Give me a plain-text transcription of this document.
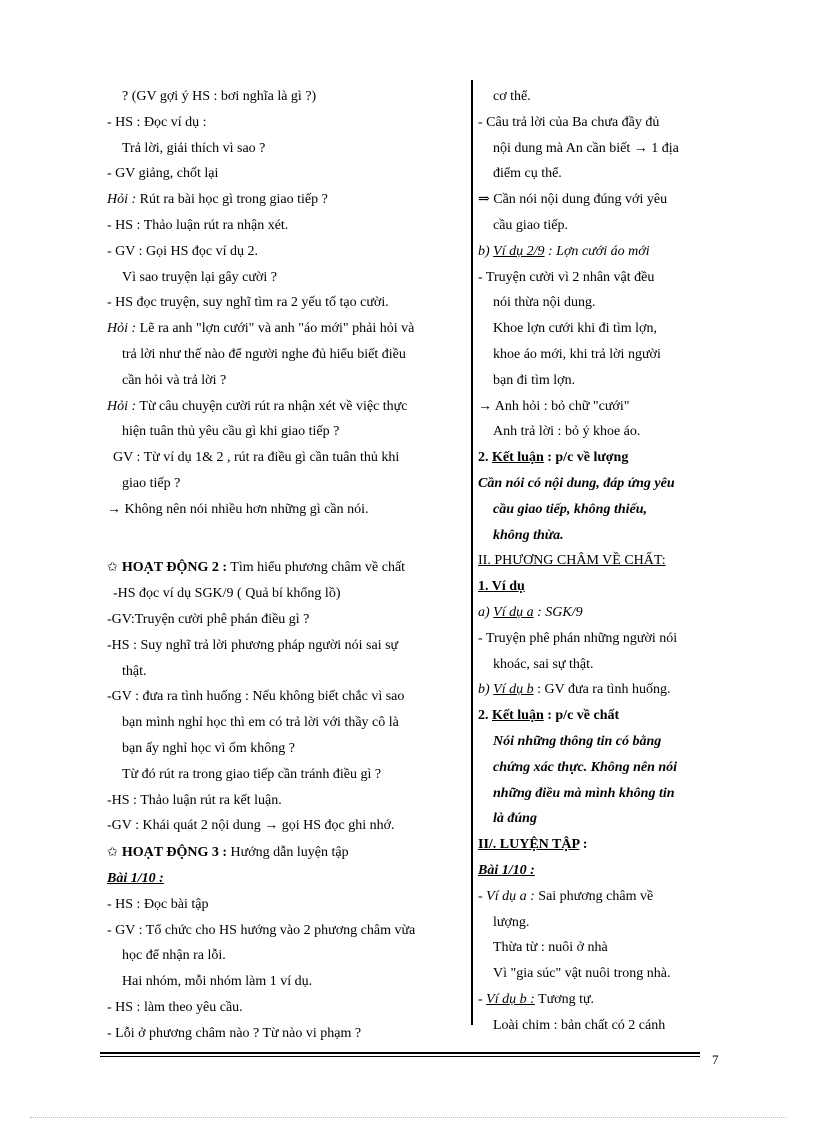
? (GV gợi ý HS : bơi nghĩa là gì ?)
- HS : Đọc ví dụ :
Trả lời, giải thích vì sao ?
- GV giảng, chốt lại
Hỏi : Rút ra bài học gì trong giao tiếp ?
- HS : Thảo luận rút ra nhận xét.
- GV : Gọi HS đọc ví dụ 2.
Vì sao truyện lại gây cười ?
- HS đọc truyện, suy nghĩ tìm ra 2 yếu tố tạo cười.
Hỏi : Lẽ ra anh "lợn cưới" và anh "áo mới" phải hỏi và
trả lời như thế nào để người nghe đủ hiểu biết điều
cần hỏi và trả lời ?
Hỏi : Từ câu chuyện cười rút ra nhận xét về việc thực
hiện tuân thủ yêu cầu gì khi giao tiếp ?
GV : Từ ví dụ 1& 2 , rút ra điều gì cần tuân thủ khi
giao tiếp ?
→ Không nên nói nhiều hơn những gì cần nói.
✩ HOẠT ĐỘNG 2 : Tìm hiểu phương châm về chất
-HS đọc ví dụ SGK/9 ( Quả bí khổng lồ)
-GV:Truyện cười phê phán điều gì ?
-HS : Suy nghĩ trả lời phương pháp người nói sai sự
thật.
-GV : đưa ra tình huống : Nếu không biết chắc vì sao
bạn mình nghỉ học thì em có trả lời với thầy cô là
bạn ấy nghỉ học vì ốm không ?
Từ đó rút ra trong giao tiếp cần tránh điều gì ?
-HS : Thảo luận rút ra kết luận.
-GV : Khái quát 2 nội dung → gọi HS đọc ghi nhớ.
✩ HOẠT ĐỘNG 3 : Hướng dẫn luyện tập
Bài 1/10 :
- HS : Đọc bài tập
- GV : Tổ chức cho HS hướng vào 2 phương châm vừa
học để nhận ra lỗi.
Hai nhóm, mỗi nhóm làm 1 ví dụ.
- HS : làm theo yêu cầu.
- Lỗi ở phương châm nào ? Từ nào vi phạm ?
cơ thể.
- Câu trả lời của Ba chưa đầy đủ
nội dung mà An cần biết → 1 địa
điểm cụ thể.
⇒ Cần nói nội dung đúng với yêu
cầu giao tiếp.
b) Ví dụ 2/9 : Lợn cưới áo mới
- Truyện cười vì 2 nhân vật đều
nói thừa nội dung.
Khoe lợn cưới khi đi tìm lợn,
khoe áo mới, khi trả lời người
bạn đi tìm lợn.
→ Anh hỏi : bỏ chữ "cưới"
Anh trả lời : bỏ ý khoe áo.
2. Kết luận : p/c về lượng
Cần nói có nội dung, đáp ứng yêu
cầu giao tiếp, không thiếu,
không thừa.
II. PHƯƠNG CHÂM VỀ CHẤT:
1. Ví dụ
a) Ví dụ a : SGK/9
- Truyện phê phán những người nói
khoác, sai sự thật.
b) Ví dụ b : GV đưa ra tình huống.
2. Kết luận : p/c về chất
Nói những thông tin có bằng
chứng xác thực. Không nên nói
những điều mà mình không tin
là đúng
II/. LUYỆN TẬP :
Bài 1/10 :
- Ví dụ a : Sai phương châm về
lượng.
Thừa từ : nuôi ở nhà
Vì "gia súc" vật nuôi trong nhà.
- Ví dụ b : Tương tự.
Loài chim : bản chất có 2 cánh
7
